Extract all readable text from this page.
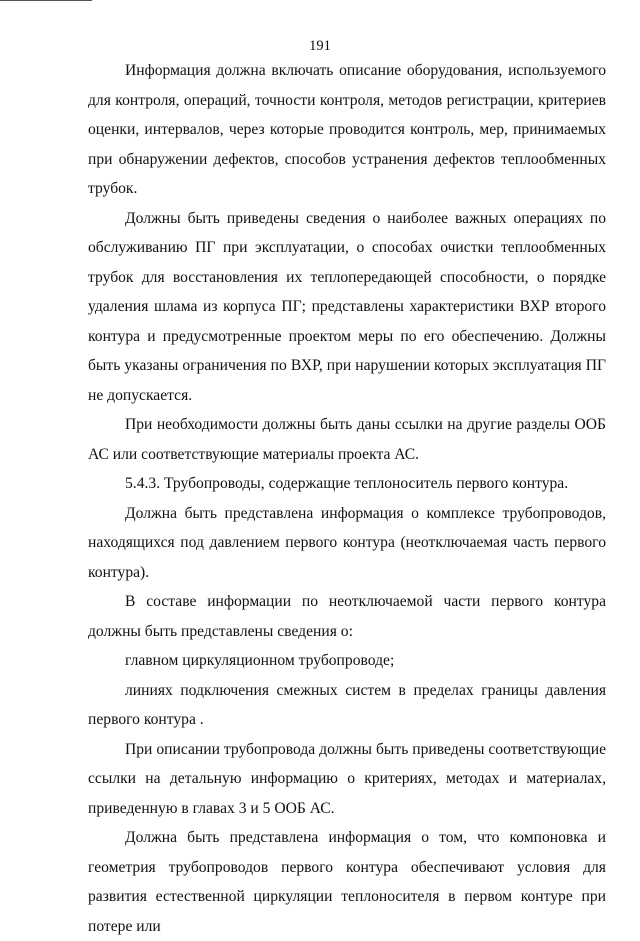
191

Информация должна включать описание оборудования, используемого для контроля, операций, точности контроля, методов регистрации, критериев оценки, интервалов, через которые проводится контроль, мер, принимаемых при обнаружении дефектов, способов устранения дефектов теплообменных трубок.

Должны быть приведены сведения о наиболее важных операциях по обслуживанию ПГ при эксплуатации, о способах очистки теплообменных трубок для восстановления их теплопередающей способности, о порядке удаления шлама из корпуса ПГ; представлены характеристики ВХР второго контура и предусмотренные проектом меры по его обеспечению. Должны быть указаны ограничения по ВХР, при нарушении которых эксплуатация ПГ не допускается.

При необходимости должны быть даны ссылки на другие разделы ООБ АС или соответствующие материалы проекта АС.

5.4.3. Трубопроводы, содержащие теплоноситель первого контура.

Должна быть представлена информация о комплексе трубопроводов, находящихся под давлением первого контура (неотключаемая часть первого контура).

В составе информации по неотключаемой части первого контура должны быть представлены сведения о:

главном циркуляционном трубопроводе;

линиях подключения смежных систем в пределах границы давления первого контура .

При описании трубопровода должны быть приведены соответствующие ссылки на детальную информацию о критериях, методах и материалах, приведенную в главах 3 и 5 ООБ АС.

Должна быть представлена информация о том, что компоновка и геометрия трубопроводов первого контура обеспечивают условия для развития естественной циркуляции теплоносителя в первом контуре при потере или
